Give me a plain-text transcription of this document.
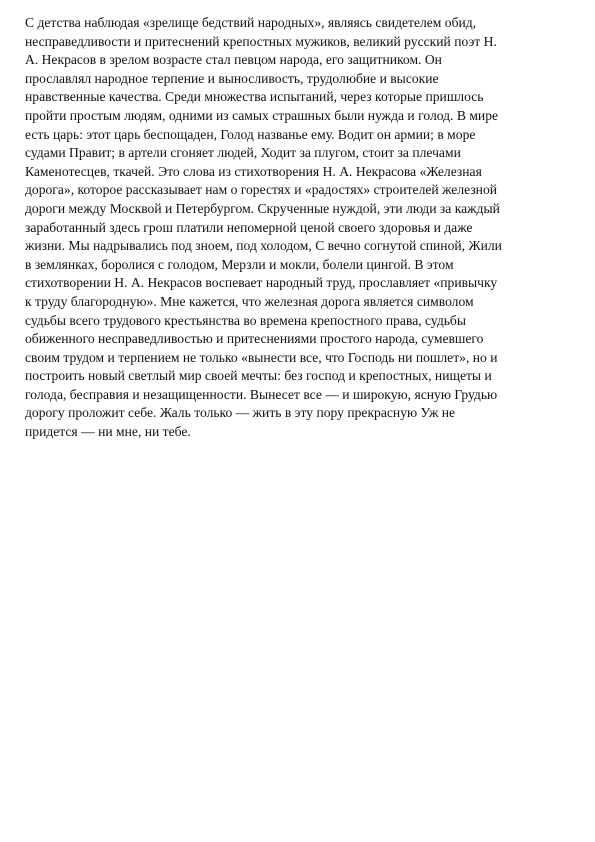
С детства наблюдая «зрелище бедствий народных», являясь свидетелем обид,

несправедливости и притеснений крепостных мужиков, великий русский поэт Н.

А. Некрасов в зрелом возрасте стал певцом народа, его защитником. Он

прославлял народное терпение и выносливость, трудолюбие и высокие

нравственные качества. Среди множества испытаний, через которые пришлось

пройти простым людям, одними из самых страшных были нужда и голод. В мире

есть царь: этот царь беспощаден, Голод названье ему. Водит он армии; в море

судами Правит; в артели сгоняет людей, Ходит за плугом, стоит за плечами

Каменотесцев, ткачей. Это слова из стихотворения Н. А. Некрасова «Железная

дорога», которое рассказывает нам о горестях и «радостях» строителей железной

дороги между Москвой и Петербургом. Скрученные нуждой, эти люди за каждый

заработанный здесь грош платили непомерной ценой своего здоровья и даже

жизни. Мы надрывались под зноем, под холодом, С вечно согнутой спиной, Жили

в землянках, боролися с голодом, Мерзли и мокли, болели цингой. В этом

стихотворении Н. А. Некрасов воспевает народный труд, прославляет «привычку

к труду благородную». Мне кажется, что железная дорога является символом

судьбы всего трудового крестьянства во времена крепостного права, судьбы

обиженного несправедливостью и притеснениями простого народа, сумевшего

своим трудом и терпением не только «вынести все, что Господь ни пошлет», но и

построить новый светлый мир своей мечты: без господ и крепостных, нищеты и

голода, бесправия и незащищенности. Вынесет все — и широкую, ясную Грудью

дорогу проложит себе. Жаль только — жить в эту пору прекрасную Уж не

придется — ни мне, ни тебе.
